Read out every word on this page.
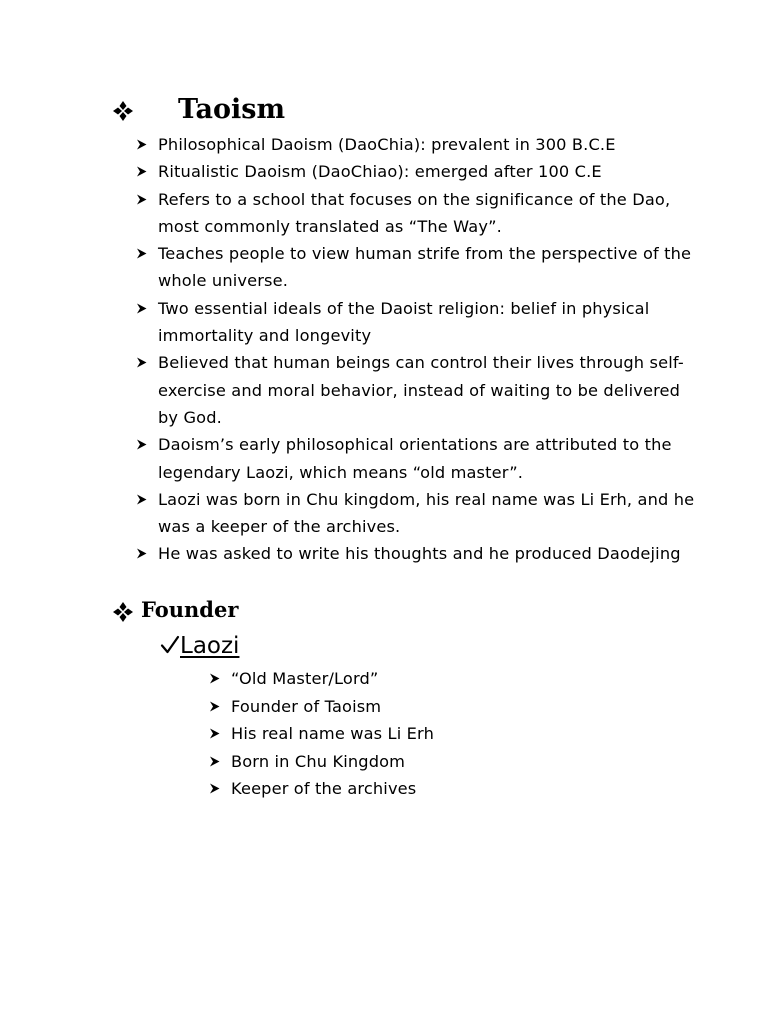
Taoism
Philosophical Daoism (DaoChia): prevalent in 300 B.C.E
Ritualistic Daoism (DaoChiao): emerged after 100 C.E
Refers to a school that focuses on the significance of the Dao, most commonly translated as “The Way”.
Teaches people to view human strife from the perspective of the whole universe.
Two essential ideals of the Daoist religion: belief in physical immortality and longevity
Believed that human beings can control their lives through self-exercise and moral behavior, instead of waiting to be delivered by God.
Daoism’s early philosophical orientations are attributed to the legendary Laozi, which means “old master”.
Laozi was born in Chu kingdom, his real name was Li Erh, and he was a keeper of the archives.
He was asked to write his thoughts and he produced Daodejing
Founder
Laozi
“Old Master/Lord”
Founder of Taoism
His real name was Li Erh
Born in Chu Kingdom
Keeper of the archives
